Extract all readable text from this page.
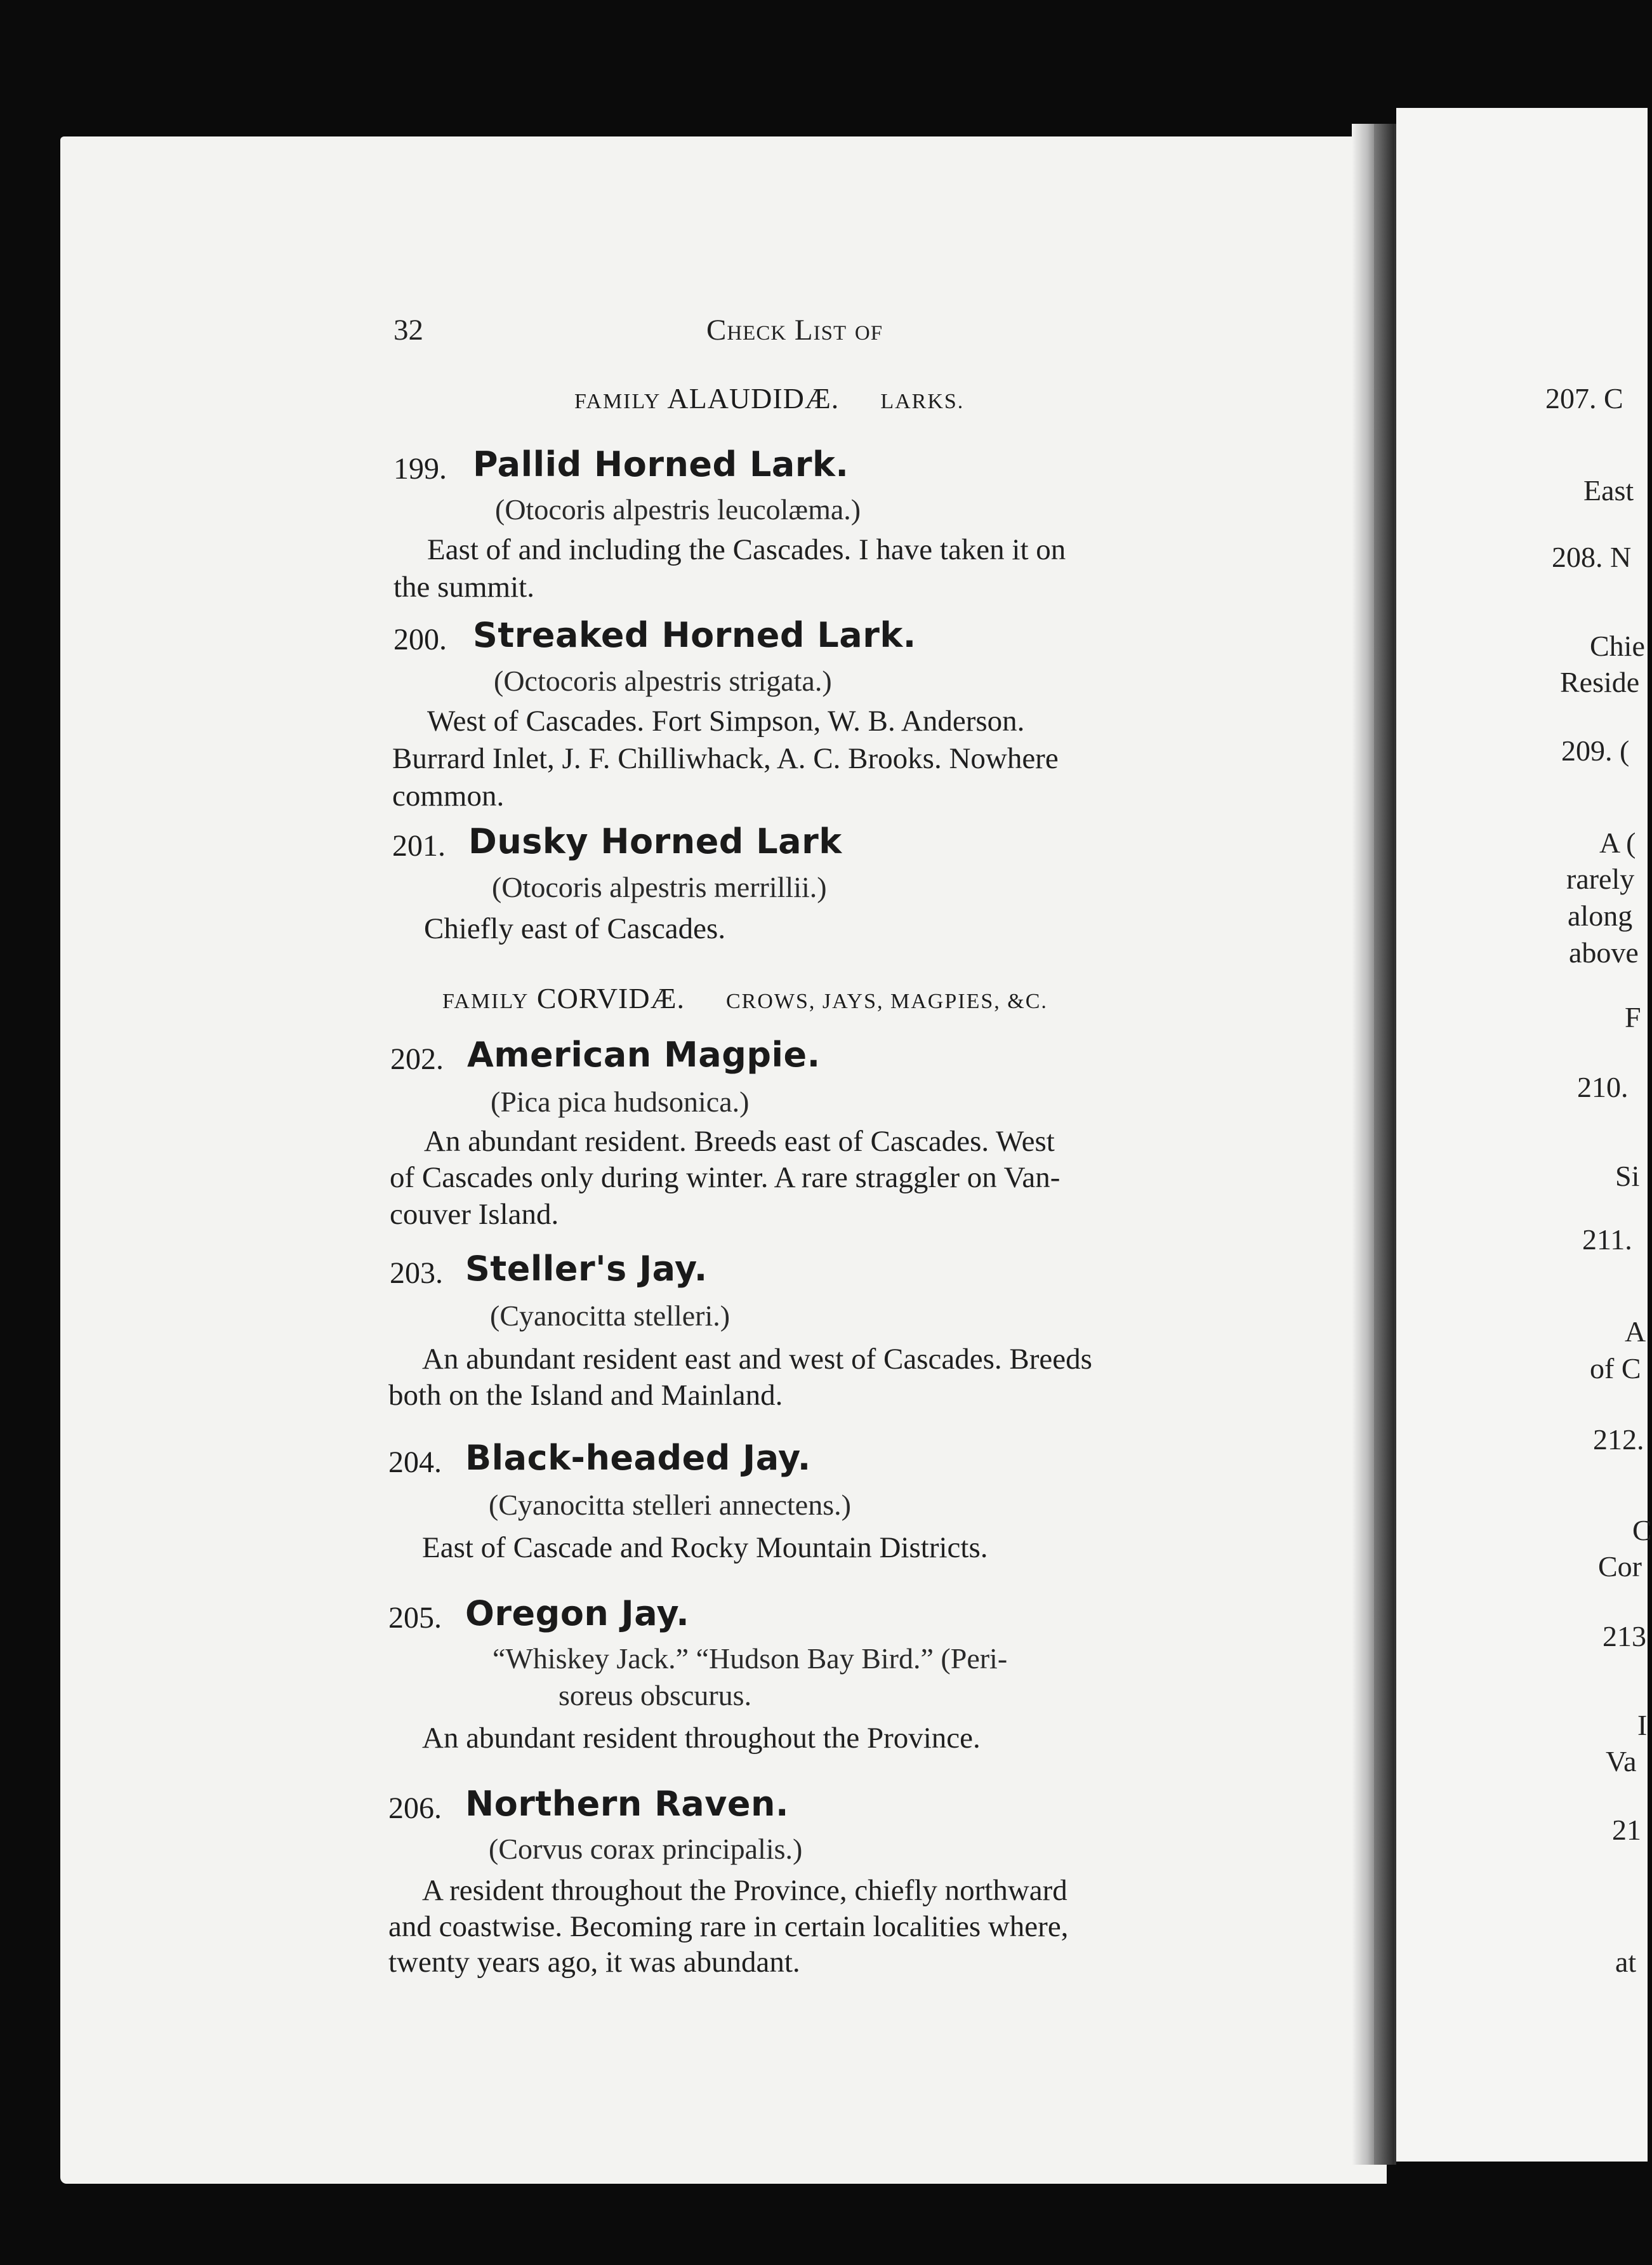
32	Check List of
FAMILY ALAUDIDÆ. LARKS.
199. Pallid Horned Lark.
(Otocoris alpestris leucolæma.)
East of and including the Cascades. I have taken it on
the summit.
200. Streaked Horned Lark.
(Octocoris alpestris strigata.)
West of Cascades. Fort Simpson, W. B. Anderson.
Burrard Inlet, J. F. Chilliwhack, A. C. Brooks. Nowhere
common.
201. Dusky Horned Lark
(Otocoris alpestris merrillii.)
Chiefly east of Cascades.
FAMILY CORVIDÆ. CROWS, JAYS, MAGPIES, &C.
202. American Magpie.
(Pica pica hudsonica.)
An abundant resident. Breeds east of Cascades. West
of Cascades only during winter. A rare straggler on Van-
couver Island.
203. Steller's Jay.
(Cyanocitta stelleri.)
An abundant resident east and west of Cascades. Breeds
both on the Island and Mainland.
204. Black-headed Jay.
(Cyanocitta stelleri annectens.)
East of Cascade and Rocky Mountain Districts.
205. Oregon Jay.
“Whiskey Jack.” “Hudson Bay Bird.” (Peri-
soreus obscurus.
An abundant resident throughout the Province.
206. Northern Raven.
(Corvus corax principalis.)
A resident throughout the Province, chiefly northward
and coastwise. Becoming rare in certain localities where,
twenty years ago, it was abundant.
207. C
East
208. N
Chie
Reside
209. (
A (
rarely
along
above
F
210.
Si
211.
A
of C
212.
C
Cor
213
I
Va
21
at
